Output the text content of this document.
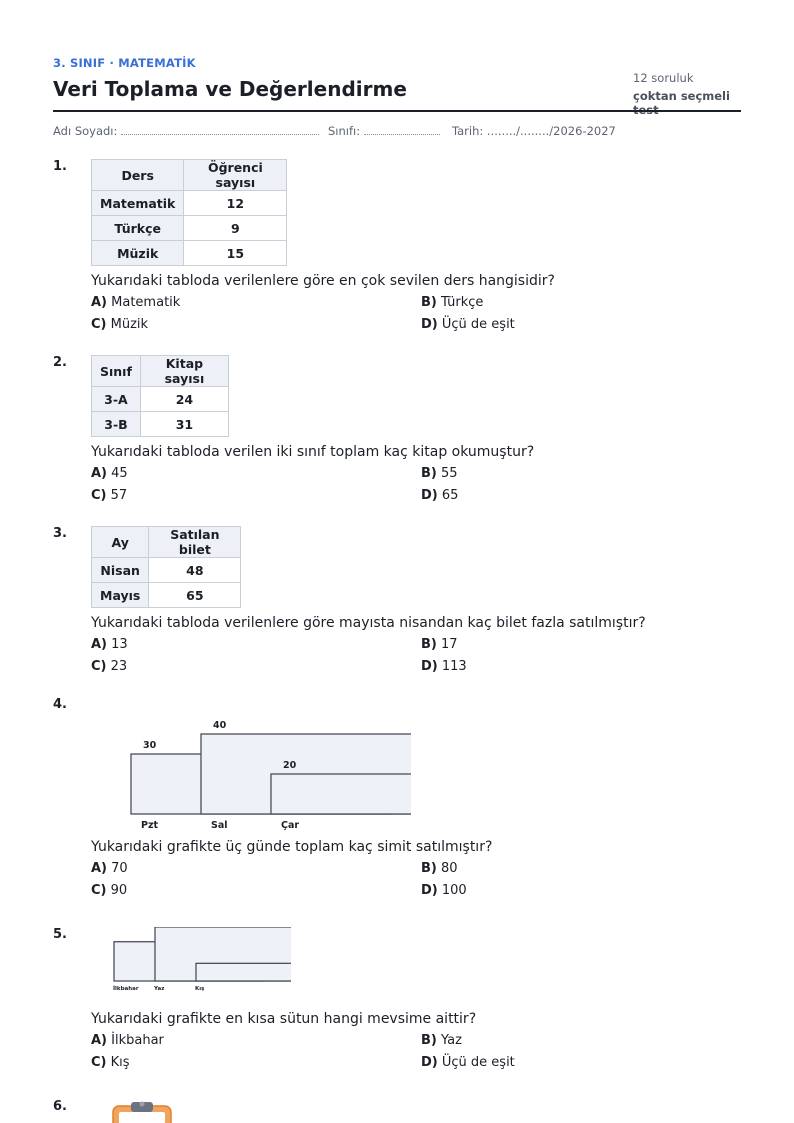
3. SINIF · MATEMATİK
Veri Toplama ve Değerlendirme	12 soruluk
çoktan seçmeli
Adı Soyadı:	Sınıfı:	Tarih: ......../......../2026-2027
1.
Ders	Öğrenci sayısı
Matematik	12
Türkçe	9
Müzik	15
Yukarıdaki tabloda verilenlere göre en çok sevilen ders hangisidir?
A) Matematik	B) Türkçe
C) Müzik	D) Üçü de eşit
2.
Sınıf	Kitap sayısı
3-A	24
3-B	31
Yukarıdaki tabloda verilen iki sınıf toplam kaç kitap okumuştur?
A) 45	B) 55
C) 57	D) 65
3.
Ay	Satılan bilet
Nisan	48
Mayıs	65
Yukarıdaki tabloda verilenlere göre mayısta nisandan kaç bilet fazla satılmıştır?
A) 13	B) 17
C) 23	D) 113
4.
30
Pzt
40
Sal
20
Çar
Yukarıdaki grafikte üç günde toplam kaç simit satılmıştır?
A) 70	B) 80
C) 90	D) 100
5.
İlkbahar	Yaz	Kış
Yukarıdaki grafikte en kısa sütun hangi mevsime aittir?
A) İlkbahar	B) Yaz
C) Kış	D) Üçü de eşit
6.
